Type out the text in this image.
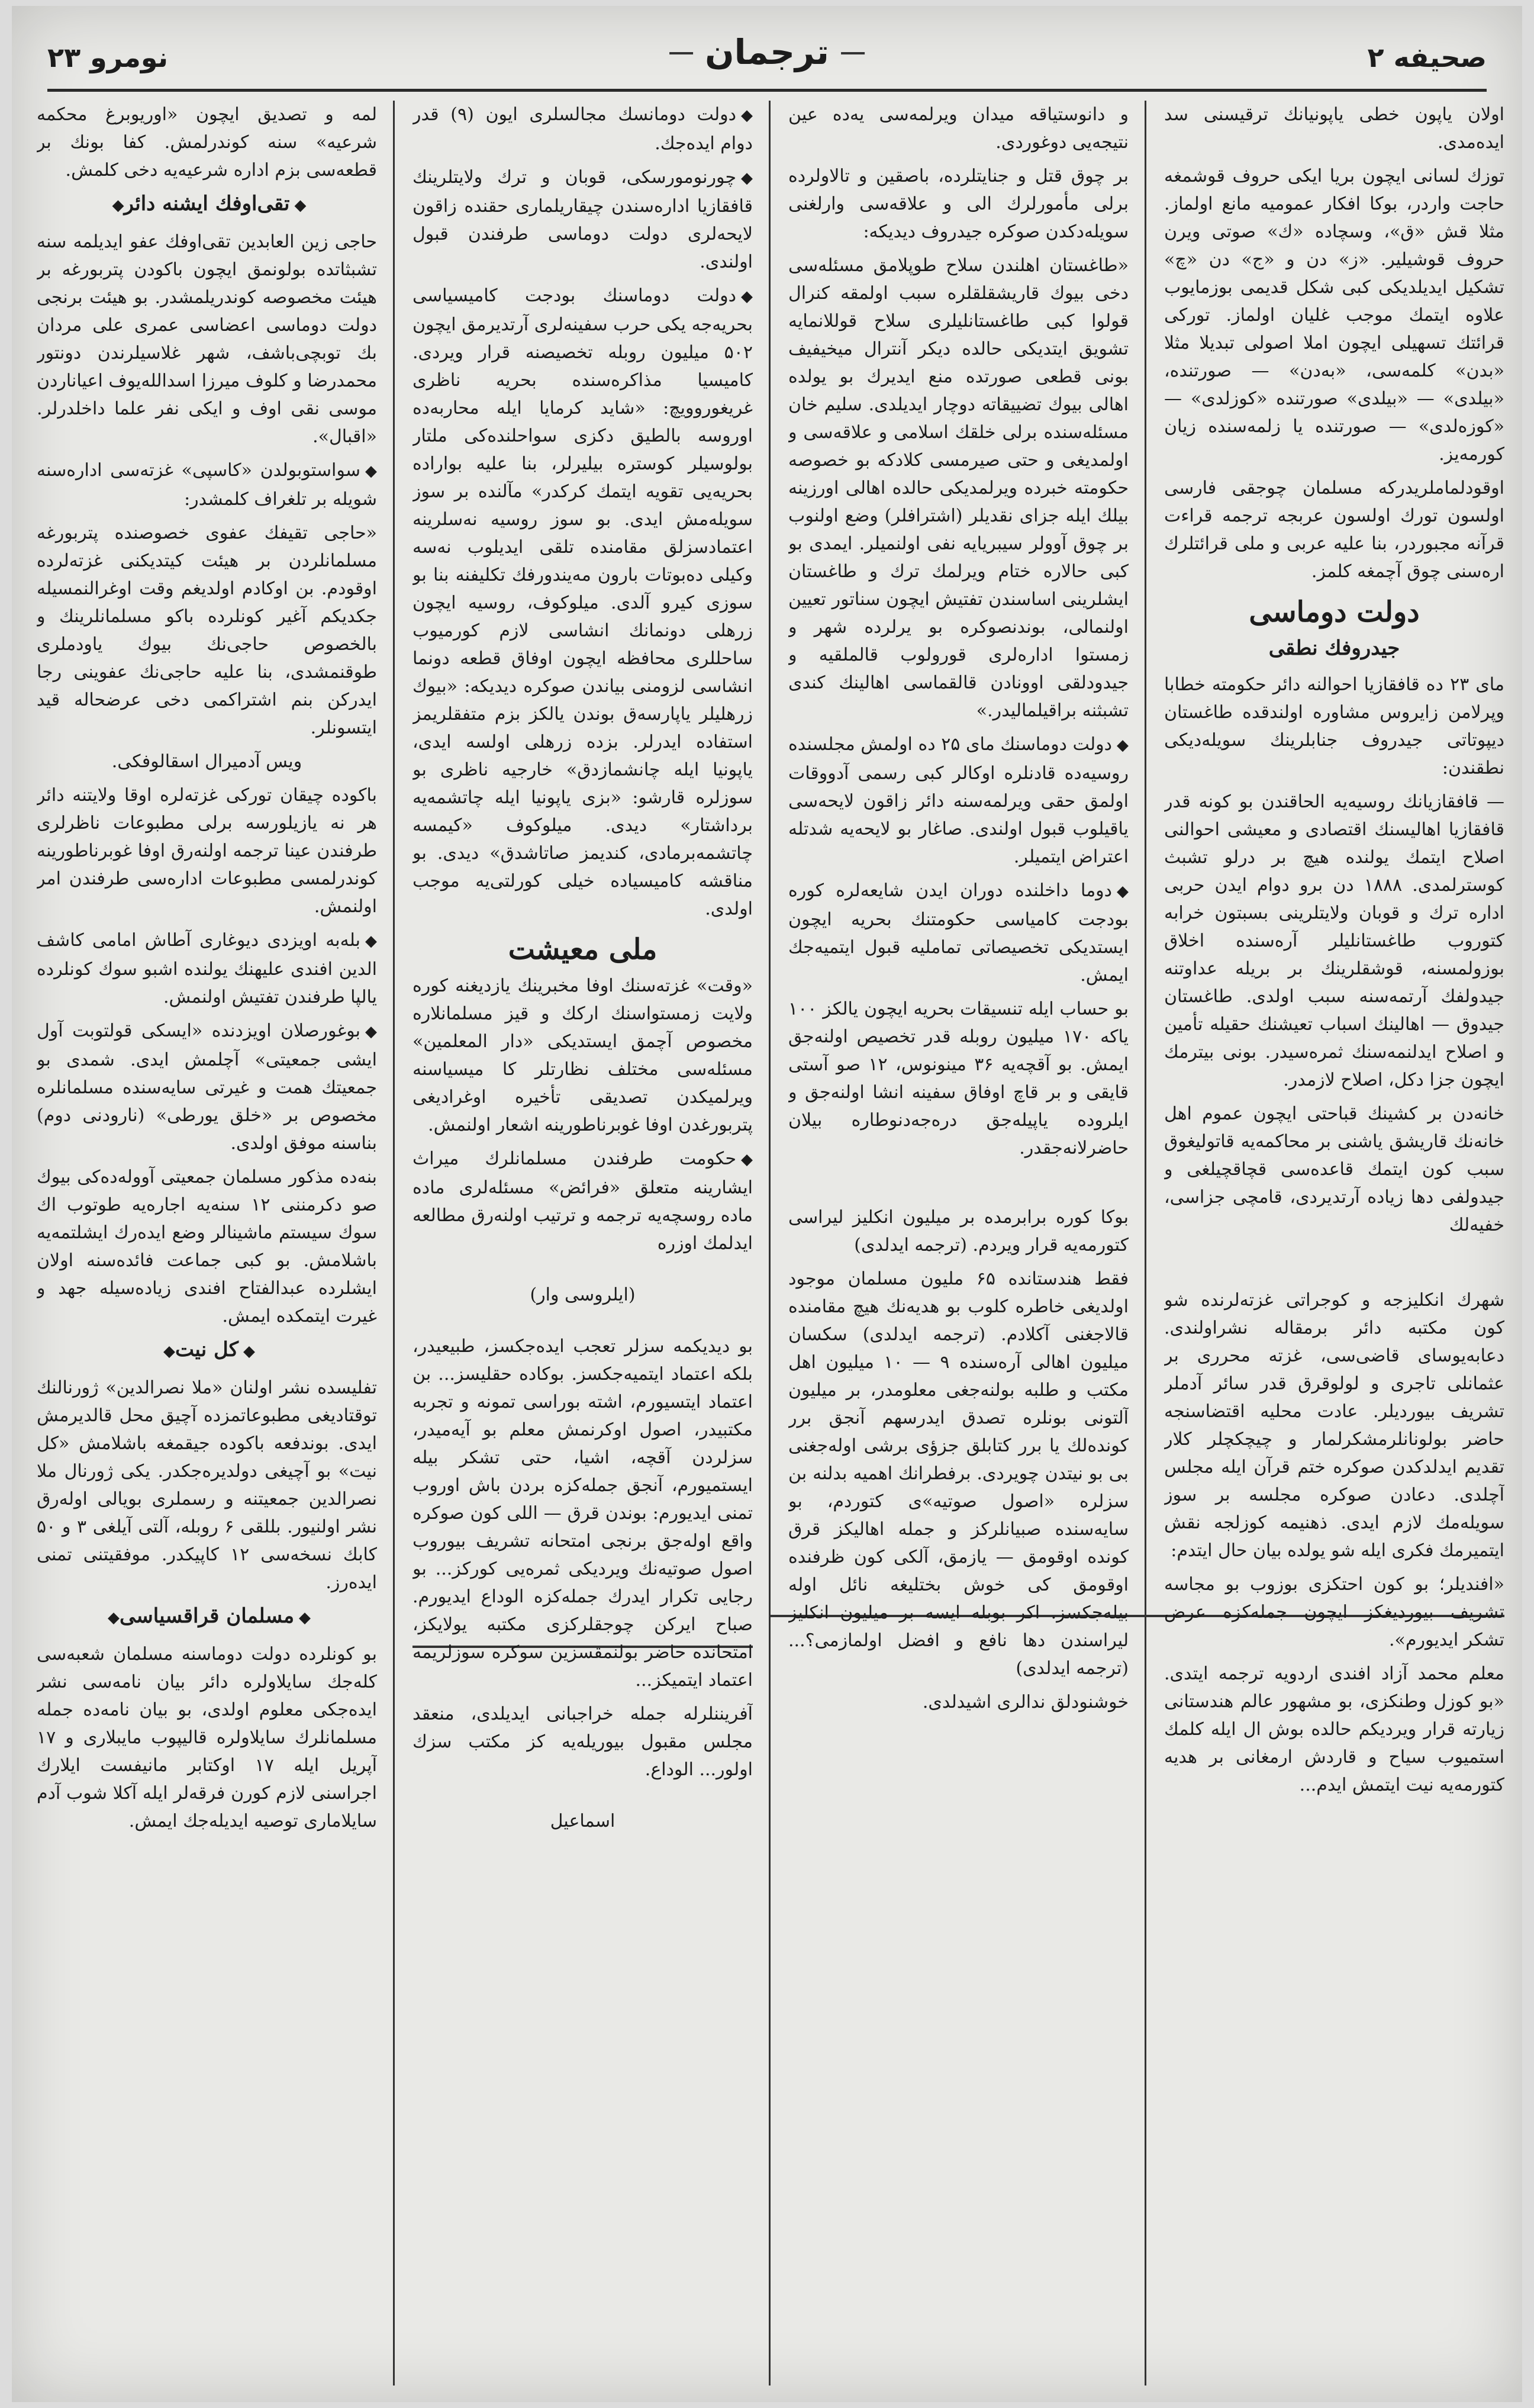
صحیفه ۲
ترجمان
نومرو ۲۳

اولان یاپون خطی یاپونیانك ترقیسنی سد ایدەمدی.

توزك لسانی ایچون بریا ایکی حروف قوشمغه حاجت واردر، بوکا افکار عمومیه مانع اولماز. مثلا قش «ق»، وسچاده «ك» صوتی ویرن حروف قوشیلیر. «ز» دن و «ج» دن «چ» تشکیل ایدیلدیکی کبی شکل قدیمی بوزمایوب علاوه ایتمك موجب غلیان اولماز. تورکی قرائتك تسهیلی ایچون املا اصولی تبدیلا مثلا «بدن» کلمه‌سی، «بەدن» — صورتنده، «بیلدی» — «بیلدی» صورتنده «کوزلدی» — «کوزەلدی» — صورتنده یا زلمەسنده زیان کورمەیز.

اوقودلماملریدرکه مسلمان چوجقی فارسی اولسون تورك اولسون عربجه ترجمه قراءت قرآنه مجبوردر، بنا علیه عربی و ملی قرائتلرك ارەسنی چوق آچمغه کلمز.

دولت دوماسی
جیدروفك نطقی

مای ۲۳ ده قافقازیا احوالنه دائر حکومته خطابا وپرلامن زایروس مشاوره اولندقده طاغستان دیپوتاتی جیدروف جنابلرینك سویلەدیکی نطقندن:

— قافقازیانك روسیه‌یه الحاقندن بو کونه قدر قافقازیا اهالیسنك اقتصادی و معیشی احوالنی اصلاح ایتمك یولنده هیچ بر درلو تشبث کوسترلمدی. ۱۸۸۸ دن برو دوام ایدن حربی اداره ترك و قوبان ولایتلرینی بسبتون خرابه کتوروب طاغستانلیلر آرەسنده اخلاق بوزولمسنه، قوشقلرینك بر بریله عداوتنه جیدولفك آرتمەسنه سبب اولدی. طاغستان جیدوق — اهالینك اسباب تعیشنك حقیله تأمین و اصلاح ایدلنمەسنك ثمرەسیدر. بونی بیترمك ایچون جزا دکل، اصلاح لازمدر.

خانه‌دن بر کشینك قباحتی ایچون عموم اهل خانه‌نك قاریشق یاشنی بر محاکمه‌یه قاتولیغوق سبب کون ایتمك قاعده‌سی قچاقچیلغی و جیدولفی دها زیاده آرتدیردی، قامچی جزاسی، خفیه‌لك

شهرك انکلیزجه و کوجراتی غزته‌لرنده شو کون مکتبه دائر برمقاله نشراولندی. دعابه‌یوسای قاضی‌سی، غزته محرری بر عثمانلی تاجری و لولوقرق قدر سائر آدملر تشریف بیوردیلر. عادت محلیه اقتضاسنجه حاضر بولونانلرمشکرلمار و چیچکچلر کلار تقدیم ایدلدکدن صوکره ختم قرآن ایله مجلس آچلدی. دعادن صوکره مجلسه بر سوز سویلەمك لازم ایدی. ذهنیمە کوزلجه نقش ایتمیرمك فکری ایله شو یولده بیان حال ایتدم:

«افندیلر؛ بو کون احتکزی بوزوب بو مجاسه تشریف بیوردیغکز ایچون جمله‌کزه عرض تشکر ایدیورم».

معلم محمد آزاد افندی اردویه ترجمه ایتدی. «بو کوزل وطنکزی، بو مشهور عالم هندستانی زیارته قرار ویردیکم حالده بوش ال ایله کلمك استمیوب سیاح و قاردش ارمغانی بر هدیه کتورمه‌یه نیت ایتمش ایدم...

و دانوستیاقه میدان ویرلمەسی یەده عین نتیجەیی دوغوردی.

بر چوق قتل و جنایتلرده، باصقین و تالاولرده برلی مأمورلرك الی و علاقه‌سی وارلغنی سویلەدکدن صوکره جیدروف دیدیکه:

«طاغستان اهلندن سلاح طوپلامق مسئله‌سی دخی بیوك قاریشقلقلره سبب اولمقه کنرال قولوا کبی طاغستانلیلری سلاح قوللانمایه تشویق ایتدیکی حالده دیکر آنترال میخیفیف بونی قطعی صورتده منع ایدیرك بو یولده اهالی بیوك تضییقاتە دوچار ایدیلدی. سلیم خان مسئله‌سنده برلی خلقك اسلامی و علاقه‌سی و اولمدیغی و حتی صیرمسی کلادکه بو خصوصه حکومته خبرده ویرلمدیکی حالده اهالی اورزینه بیلك ایله جزای نقدیلر (اشترافلر) وضع اولنوب بر چوق آوولر سیبریایه نفی اولنمیلر. ایمدی بو کبی حالاره ختام ویرلمك ترك و طاغستان ایشلرینی اساسندن تفتیش ایچون سناتور تعیین اولنمالی، بوندنصوکره بو یرلرده شهر و زمستوا ادارەلری قورولوب قالملقیه و جیدودلقی اوونادن قالقماسی اهالینك کندی تشبثنه براقیلمالیدر.»

◆دولت دوماسنك مای ۲۵ ده اولمش مجلسنده روسیه‌ده قادنلره اوکالر کبی رسمی آدووقات اولمق حقی ویرلمەسنه دائر زاقون لایحه‌سی یاقیلوب قبول اولندی. صاغار بو لایحه‌یه شدتله اعتراض ایتمیلر.

◆دوما داخلنده دوران ایدن شایعه‌لره کوره بودجت کامیاسی حکومتنك بحریه ایچون ایستدیکی تخصیصاتی تماملیه قبول ایتمیه‌جك ایمش.

بو حساب ایله تنسیقات بحریه ایچون یالکز ۱۰۰ یاکه ۱۷۰ میلیون روبله قدر تخصیص اولنەجق ایمش. بو آقچه‌یه ۳۶ مینونوس، ۱۲ صو آستی قایقی و بر قاچ اوفاق سفینه انشا اولنەجق و ایلروده یاپیله‌جق درەجەدنوطاره بیلان حاضرلانەجقدر.

بوکا کوره برابرمدە بر میلیون انکلیز لیراسی کتورمەیه قرار ویردم. (ترجمه ایدلدی)

فقط هندستانده ۶۵ ملیون مسلمان موجود اولدیغی خاطره کلوب بو هدیه‌نك هیچ مقامنده قالاجغنی آکلادم. (ترجمه ایدلدی) سکسان میلیون اهالی آره‌سنده ۹ — ۱۰ میلیون اهل مکتب و طلبه بولنەجغی معلومدر، بر میلیون آلتونی بونلره تصدق ایدرسهم آنجق برر کوندەلك یا برر کتابلق جزؤی برشی اولەجغنی بی بو نیتدن چویردی. برفطرانك اهمیه بدلنه بن سزلره «اصول صوتیه»ی کتوردم، بو سایه‌سنده صبیانلرکز و جمله اهالیکز قرق کونده اوقومق — یازمق، آلکی کون ظرفنده اوقومق کی خوش بختلیغه نائل اوله بیله‌جکسز. اکر بوبله ایسه بر میلیون انکلیز لیراسندن دها نافع و افضل اولمازمی؟... (ترجمه ایدلدی)

خوشنودلق ندالری اشیدلدی.

◆دولت دومانسك مجالسلری ایون (۹) قدر دوام ایدەجك.

◆چورنومورسکی، قوبان و ترك ولایتلرینك قافقازیا ادارەسندن چیقاریلماری حقنده زاقون لایحەلری دولت دوماسی طرفندن قبول اولندی.

◆دولت دوماسنك بودجت کامیسیاسی بحریه‌جه یکی حرب سفینه‌لری آرتدیرمق ایچون ۵۰۲ میلیون روبله تخصیصنه قرار ویردی. کامیسیا مذاکرەسنده بحریه ناظری غریغوروویچ: «شاید کرمایا ایله محاربەده اوروسه بالطیق دکزی سواحلنده‌کی ملتار بولوسیلر کوستره بیلیرلر، بنا علیه بواراده بحریه‌یی تقویه ایتمك کرکدر» مآلنده بر سوز سویلەمش ایدی. بو سوز روسیه نەسلرینه اعتمادسزلق مقامنده تلقی ایدیلوب نەسه وکیلی دەبوتات بارون مەیندورفك تکلیفنه بنا بو سوزی کیرو آلدی. میلوکوف، روسیه ایچون زرهلی دونمانك انشاسی لازم کورمیوب ساحللری محافظه ایچون اوفاق قطعه دونما انشاسی لزومنی بیاندن صوکره دیدیکه: «بیوك زرهلیلر یاپارسەق بوندن یالکز بزم متفقلریمز استفاده ایدرلر. بزده زرهلی اولسه ایدی، یاپونیا ایله چانشمازدق» خارجیه ناظری بو سوزلره قارشو: «بزی یاپونیا ایله چاتشمه‌یه برداشتار» دیدی. میلوکوف «کیمسه چاتشمەبرمادی، کندیمز صاتاشدق» دیدی. بو مناقشه کامیسیاده خیلی کورلتی‌یه موجب اولدی.

ملی معیشت

«وقت» غزته‌سنك اوفا مخبرینك یازدیغنه کوره ولایت زمستواسنك ارکك و قیز مسلمانلاره مخصوص آچمق ایستدیکی «دار المعلمین» مسئله‌سی مختلف نظارتلر کا میسیاسنه ویرلمیکدن تصدیقی تأخیره اوغرادیغی پتربورغدن اوفا غوبرناطورینه اشعار اولنمش.

◆حکومت طرفندن مسلمانلرك میراث ایشارینه متعلق «فرائض» مسئله‌لری ماده ماده روسچه‌یه ترجمه و ترتیب اولنه‌رق مطالعه ایدلمك اوزره

(ایلروسی وار)

بو دیدیکمه سزلر تعجب ایده‌جکسز، طبیعیدر، بلکه اعتماد ایتمیه‌جکسز. بوکاده حقلیسز... بن اعتماد ایتسیورم، اشته بوراسی تمونه و تجربه مکتبیدر، اصول اوکرنمش معلم بو آیه‌میدر، سزلردن آقچه، اشیا، حتی تشکر بیله ایستمیورم، آنجق جمله‌کزه بردن باش اوروب تمنی ایدیورم: بوندن قرق — اللی کون صوکره واقع اوله‌جق برنجی امتحانه تشریف بیوروب اصول صوتیه‌نك ویردیکی ثمرەیی کورکز... بو رجایی تکرار ایدرك جمله‌کزه الوداع ایدیورم. صباح ایرکن چوجقلرکزی مکتبه یولایکز، امتحانده حاضر بولنمقسزین سوکره سوزلریمه اعتماد ایتمیکز...

آفریننلرله جمله خراجبانی ایدیلدی، منعقد مجلس مقبول بیوریله‌یه کز مکتب سزك اولور... الوداع.

اسماعیل

لمه و تصدیق ایچون «اوریوبرغ محکمه شرعیه» سنه کوندرلمش. کفا بونك بر قطعه‌سی بزم ادارە شرعیه‌یه دخی کلمش.

◆تقی‌اوفك ایشنه دائر◆

حاجی زین العابدین تقی‌اوفك عفو ایدیلمه سنه تشبثاتده بولونمق ایچون باکودن پتربورغه بر هیئت مخصوصه کوندریلمشدر. بو هیئت برنجی دولت دوماسی اعضاسی عمری علی مردان بك توبچی‌باشف، شهر غلاسیلرندن دونتور محمدرضا و کلوف میرزا اسدالله‌یوف اعیاناردن موسی نقی اوف و ایکی نفر علما داخلدرلر. «اقبال».

◆سواستوبولدن «کاسپی» غزته‌سی ادارەسنه شویله بر تلغراف کلمشدر:

«حاجی تقیفك عفوی خصوصنده پتربورغه مسلمانلردن بر هیئت کیتدیکنی غزته‌لرده اوقودم. بن اوکادم اولدیغم وقت اوغرالنمسیله جکدیکم آغیر کونلرده باکو مسلمانلرینك و بالخصوص حاجی‌نك بیوك یاودملری طوقنمشدی، بنا علیه حاجی‌نك عفوینی رجا ایدرکن بنم اشتراکمی دخی عرضحاله قید ایتسونلر.

ویس آدمیرال اسقالوفکی.

باکوده چیقان تورکی غزته‌لره اوقا ولایتنه دائر هر نه یازیلورسه برلی مطبوعات ناظرلری طرفندن عینا ترجمه اولنه‌رق اوفا غوبرناطورینه کوندرلمسی مطبوعات ادارەسی طرفندن امر اولنمش.

◆بلەبه اویزدی دیوغاری آطاش امامی کاشف الدین افندی علیهنك یولنده اشبو سوك کونلرده یالپا طرفندن تفتیش اولنمش.

◆بوغورصلان اویزدنده «ایسکی قولتوبت آول ایشی جمعیتی» آچلمش ایدی. شمدی بو جمعیتك همت و غیرتی سایه‌سنده مسلمانلره مخصوص بر «خلق یورطی» (نارودنی دوم) بناسنه موفق اولدی.

بنه‌ده مذکور مسلمان جمعیتی آوولەده‌کی بیوك صو دکرمننی ۱۲ سنه‌یه اجاره‌یه طوتوب اك سوك سیستم ماشینالر وضع ایدەرك ایشلتمەیه باشلامش. بو کبی جماعت فائدەسنه اولان ایشلرده عبدالفتاح افندی زیادەسیله جهد و غیرت ایتمکده ایمش.

◆کل نیت◆

تفلیسده نشر اولنان «ملا نصرالدین» ژورنالنك توقتادیغی مطبوعاتمزده آچیق محل قالدیرمش ایدی. بوندفعه باکوده جیقمغه باشلامش «کل نیت» بو آچیغی دولدیره‌جکدر. یکی ژورنال ملا نصرالدین جمعیتنه و رسملری بویالی اوله‌رق نشر اولنیور. بللقی ۶ روبله، آلتی آیلغی ۳ و ۵۰ کابك نسخه‌سی ۱۲ کاپیکدر. موفقیتنی تمنی ایدەرز.

◆مسلمان قراقسیاسی◆

بو کونلرده دولت دوماسنه مسلمان شعبه‌سی کله‌جك سایلاولره دائر بیان نامه‌سی نشر ایده‌جکی معلوم اولدی، بو بیان نامه‌ده جمله مسلمانلرك سایلاولره قالیپوب مایبلاری و ۱۷ آپریل ایله ۱۷ اوکتابر مانیفست ایلارك اجراسنی لازم کورن فرقه‌لر ایله آکلا شوب آدم سایلاماری توصیه ایدیلەجك ایمش.
